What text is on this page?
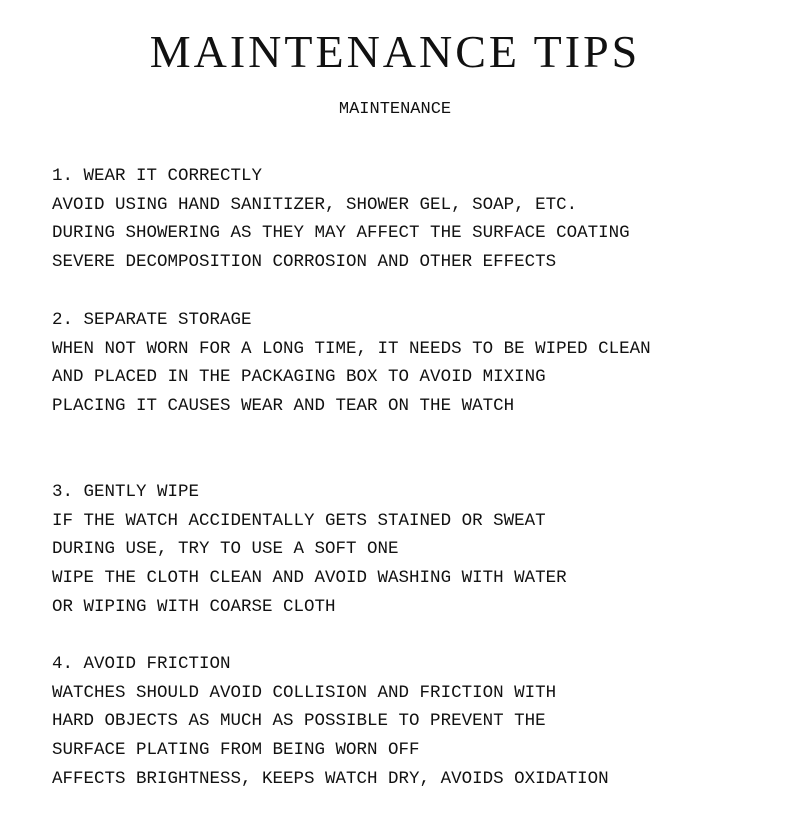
MAINTENANCE TIPS
MAINTENANCE
1. WEAR IT CORRECTLY
AVOID USING HAND SANITIZER, SHOWER GEL, SOAP, ETC.
DURING SHOWERING AS THEY MAY AFFECT THE SURFACE COATING
SEVERE DECOMPOSITION CORROSION AND OTHER EFFECTS
2. SEPARATE STORAGE
WHEN NOT WORN FOR A LONG TIME, IT NEEDS TO BE WIPED CLEAN
AND PLACED IN THE PACKAGING BOX TO AVOID MIXING
PLACING IT CAUSES WEAR AND TEAR ON THE WATCH
3. GENTLY WIPE
IF THE WATCH ACCIDENTALLY GETS STAINED OR SWEAT
DURING USE, TRY TO USE A SOFT ONE
WIPE THE CLOTH CLEAN AND AVOID WASHING WITH WATER
OR WIPING WITH COARSE CLOTH
4. AVOID FRICTION
WATCHES SHOULD AVOID COLLISION AND FRICTION WITH
HARD OBJECTS AS MUCH AS POSSIBLE TO PREVENT THE
SURFACE PLATING FROM BEING WORN OFF
AFFECTS BRIGHTNESS, KEEPS WATCH DRY, AVOIDS OXIDATION
